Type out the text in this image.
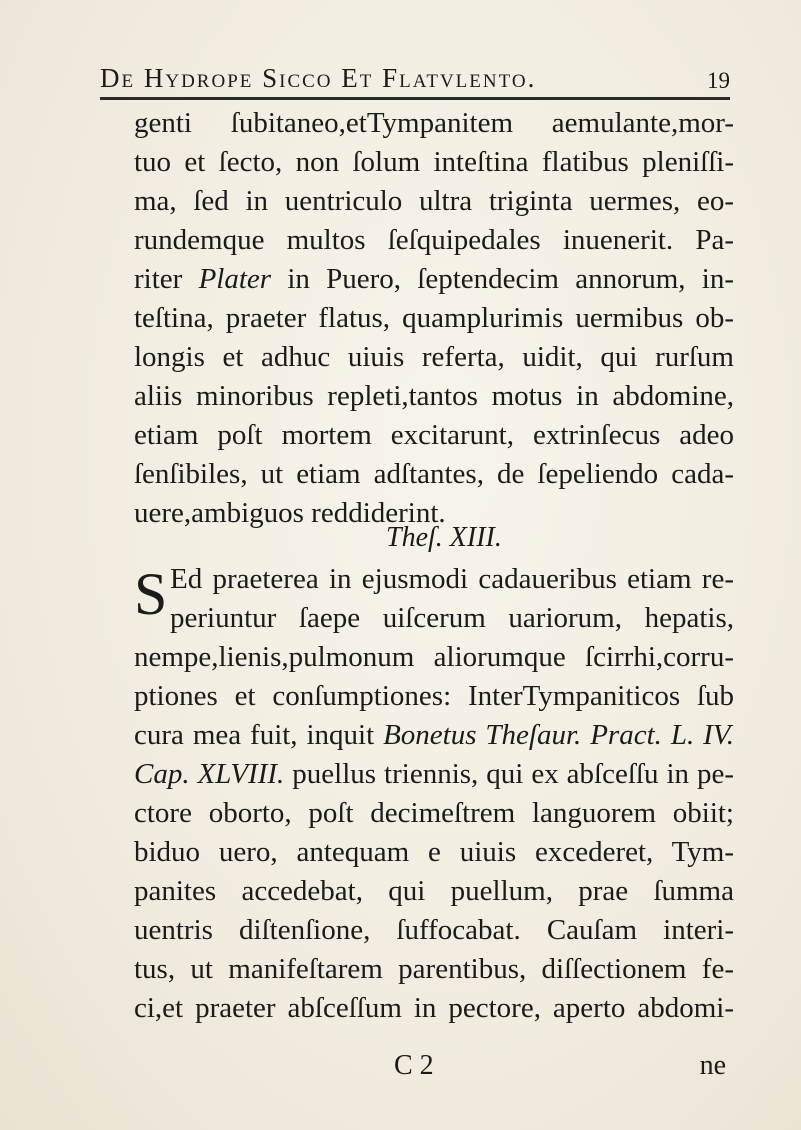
De Hydrope Sicco Et Flatvlento.	19
genti ſubitaneo,etTympanitem aemulante,mor-
tuo et ſecto, non ſolum inteſtina flatibus pleniſſi-
ma, ſed in uentriculo ultra triginta uermes, eo-
rundemque multos ſeſquipedales inuenerit. Pa-
riter Plater in Puero, ſeptendecim annorum, in-
teſtina, praeter flatus, quamplurimis uermibus ob-
longis et adhuc uiuis referta, uidit, qui rurſum
aliis minoribus repleti,tantos motus in abdomine,
etiam poſt mortem excitarunt, extrinſecus adeo
ſenſibiles, ut etiam adſtantes, de ſepeliendo cada-
uere,ambiguos reddiderint.
Theſ. XIII.
S Ed praeterea in ejusmodi cadaueribus etiam re-
periuntur ſaepe uiſcerum uariorum, hepatis,
nempe,lienis,pulmonum aliorumque ſcirrhi,corru-
ptiones et conſumptiones: InterTympaniticos ſub
cura mea fuit, inquit Bonetus Theſaur. Pract. L. IV.
Cap. XLVIII. puellus triennis, qui ex abſceſſu in pe-
ctore oborto, poſt decimeſtrem languorem obiit;
biduo uero, antequam e uiuis excederet, Tym-
panites accedebat, qui puellum, prae ſumma
uentris diſtenſione, ſuffocabat. Cauſam interi-
tus, ut manifeſtarem parentibus, diſſectionem fe-
ci,et praeter abſceſſum in pectore, aperto abdomi-
C 2	ne
